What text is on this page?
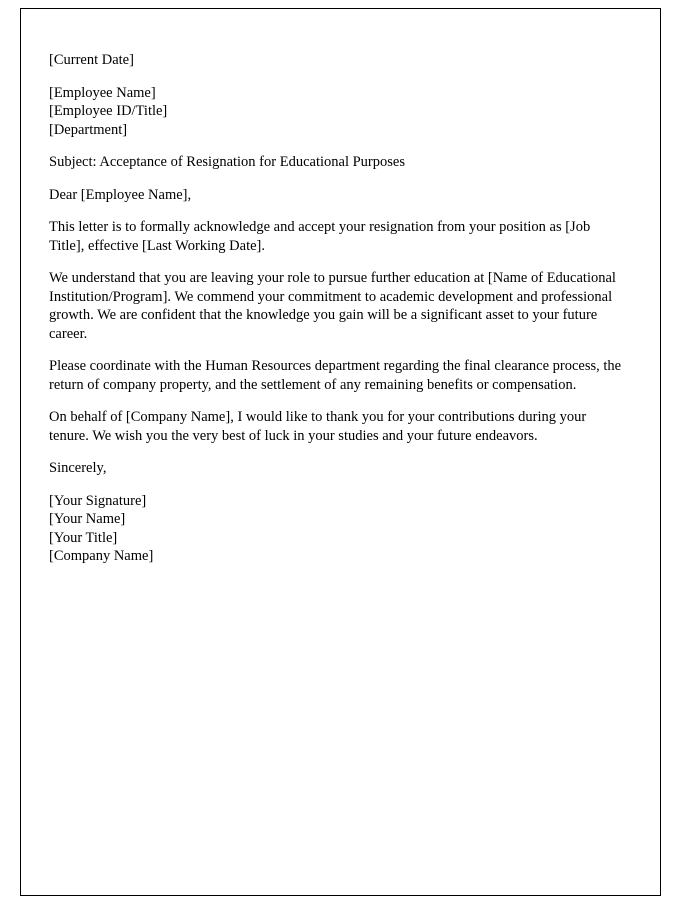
[Current Date]

[Employee Name]
[Employee ID/Title]
[Department]

Subject: Acceptance of Resignation for Educational Purposes

Dear [Employee Name],

This letter is to formally acknowledge and accept your resignation from your position as [Job Title], effective [Last Working Date].

We understand that you are leaving your role to pursue further education at [Name of Educational Institution/Program]. We commend your commitment to academic development and professional growth. We are confident that the knowledge you gain will be a significant asset to your future career.

Please coordinate with the Human Resources department regarding the final clearance process, the return of company property, and the settlement of any remaining benefits or compensation.

On behalf of [Company Name], I would like to thank you for your contributions during your tenure. We wish you the very best of luck in your studies and your future endeavors.

Sincerely,

[Your Signature]
[Your Name]
[Your Title]
[Company Name]
